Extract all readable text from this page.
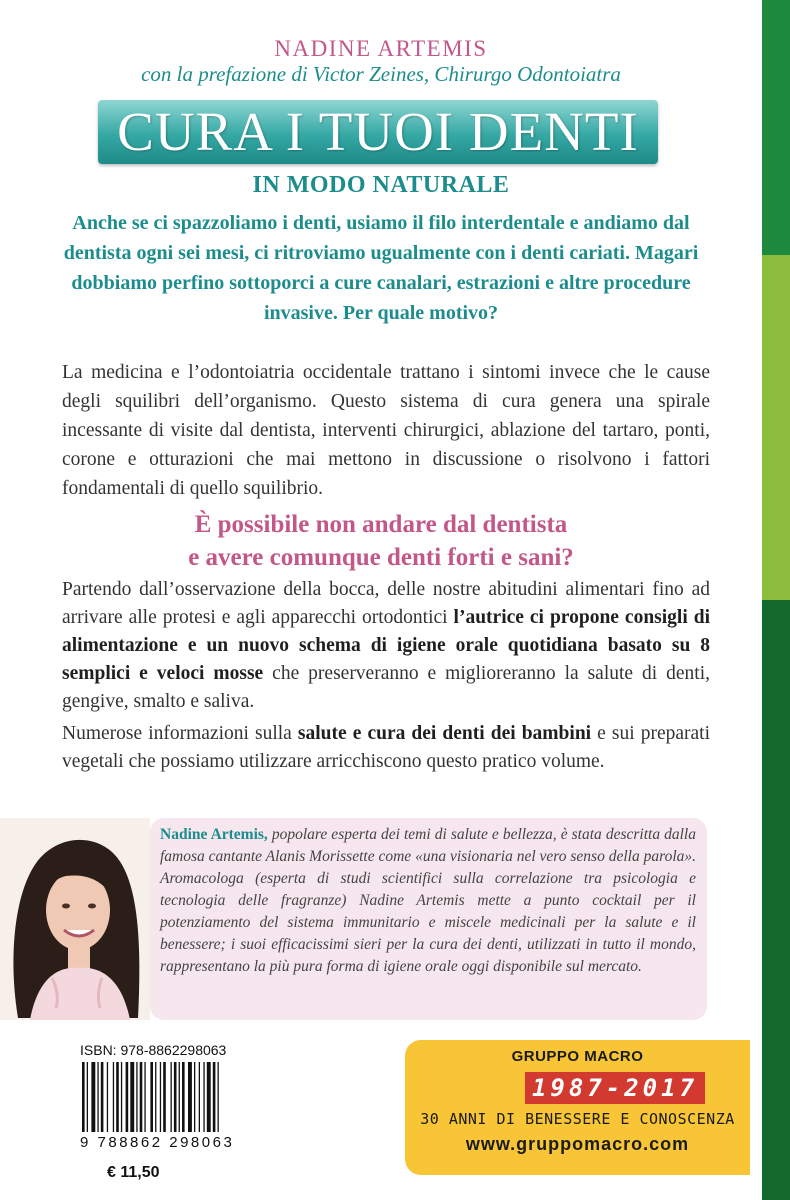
NADINE ARTEMIS
con la prefazione di Victor Zeines, Chirurgo Odontoiatra
CURA I TUOI DENTI
IN MODO NATURALE
Anche se ci spazzoliamo i denti, usiamo il filo interdentale e andiamo dal dentista ogni sei mesi, ci ritroviamo ugualmente con i denti cariati. Magari dobbiamo perfino sottoporci a cure canalari, estrazioni e altre procedure invasive. Per quale motivo?
La medicina e l’odontoiatria occidentale trattano i sintomi invece che le cause degli squilibri dell’organismo. Questo sistema di cura genera una spirale incessante di visite dal dentista, interventi chirurgici, ablazione del tartaro, ponti, corone e otturazioni che mai mettono in discussione o risolvono i fattori fondamentali di quello squilibrio.
È possibile non andare dal dentista
e avere comunque denti forti e sani?
Partendo dall’osservazione della bocca, delle nostre abitudini alimentari fino ad arrivare alle protesi e agli apparecchi ortodontici l’autrice ci propone consigli di alimentazione e un nuovo schema di igiene orale quotidiana basato su 8 semplici e veloci mosse che preserveranno e miglioreranno la salute di denti, gengive, smalto e saliva.
Numerose informazioni sulla salute e cura dei denti dei bambini e sui preparati vegetali che possiamo utilizzare arricchiscono questo pratico volume.
Nadine Artemis, popolare esperta dei temi di salute e bellezza, è stata descritta dalla famosa cantante Alanis Morissette come «una visionaria nel vero senso della parola». Aromacologa (esperta di studi scientifici sulla correlazione tra psicologia e tecnologia delle fragranze) Nadine Artemis mette a punto cocktail per il potenziamento del sistema immunitario e miscele medicinali per la salute e il benessere; i suoi efficacissimi sieri per la cura dei denti, utilizzati in tutto il mondo, rappresentano la più pura forma di igiene orale oggi disponibile sul mercato.
ISBN: 978-8862298063
9 788862 298063
€ 11,50
GRUPPO MACRO
1987-2017
30 ANNI DI BENESSERE E CONOSCENZA
www.gruppomacro.com
